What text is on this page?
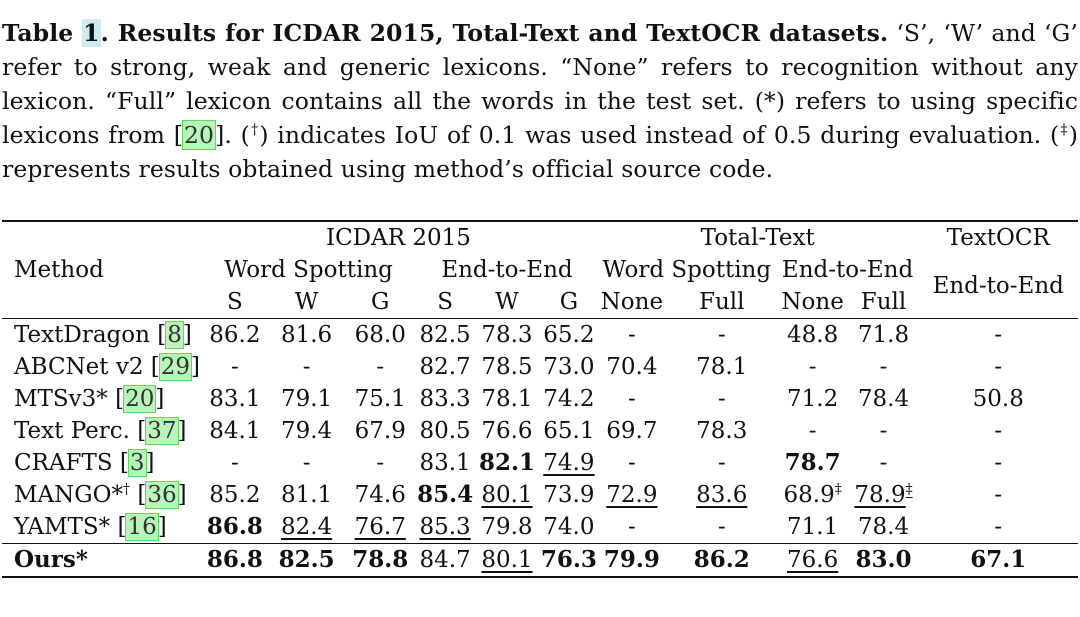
Table 1. Results for ICDAR 2015, Total-Text and TextOCR datasets. ‘S’, ‘W’ and ‘G’ refer to strong, weak and generic lexicons. “None” refers to recognition without any lexicon. “Full” lexicon contains all the words in the test set. (*) refers to using specific lexicons from [20]. (†) indicates IoU of 0.1 was used instead of 0.5 during evaluation. (‡) represents results obtained using method’s official source code.
Method	ICDAR 2015						Total-Text				TextOCR
	Word Spotting			End-to-End			Word Spotting		End-to-End		End-to-End
	S	W	G	S	W	G	None	Full	None	Full	
TextDragon [8]	86.2	81.6	68.0	82.5	78.3	65.2	-	-	48.8	71.8	-
ABCNet v2 [29]	-	-	-	82.7	78.5	73.0	70.4	78.1	-	-	-
MTSv3* [20]	83.1	79.1	75.1	83.3	78.1	74.2	-	-	71.2	78.4	50.8
Text Perc. [37]	84.1	79.4	67.9	80.5	76.6	65.1	69.7	78.3	-	-	-
CRAFTS [3]	-	-	-	83.1	82.1	74.9	-	-	78.7	-	-
MANGO*† [36]	85.2	81.1	74.6	85.4	80.1	73.9	72.9	83.6	68.9‡	78.9‡	-
YAMTS* [16]	86.8	82.4	76.7	85.3	79.8	74.0	-	-	71.1	78.4	-
Ours*	86.8	82.5	78.8	84.7	80.1	76.3	79.9	86.2	76.6	83.0	67.1
